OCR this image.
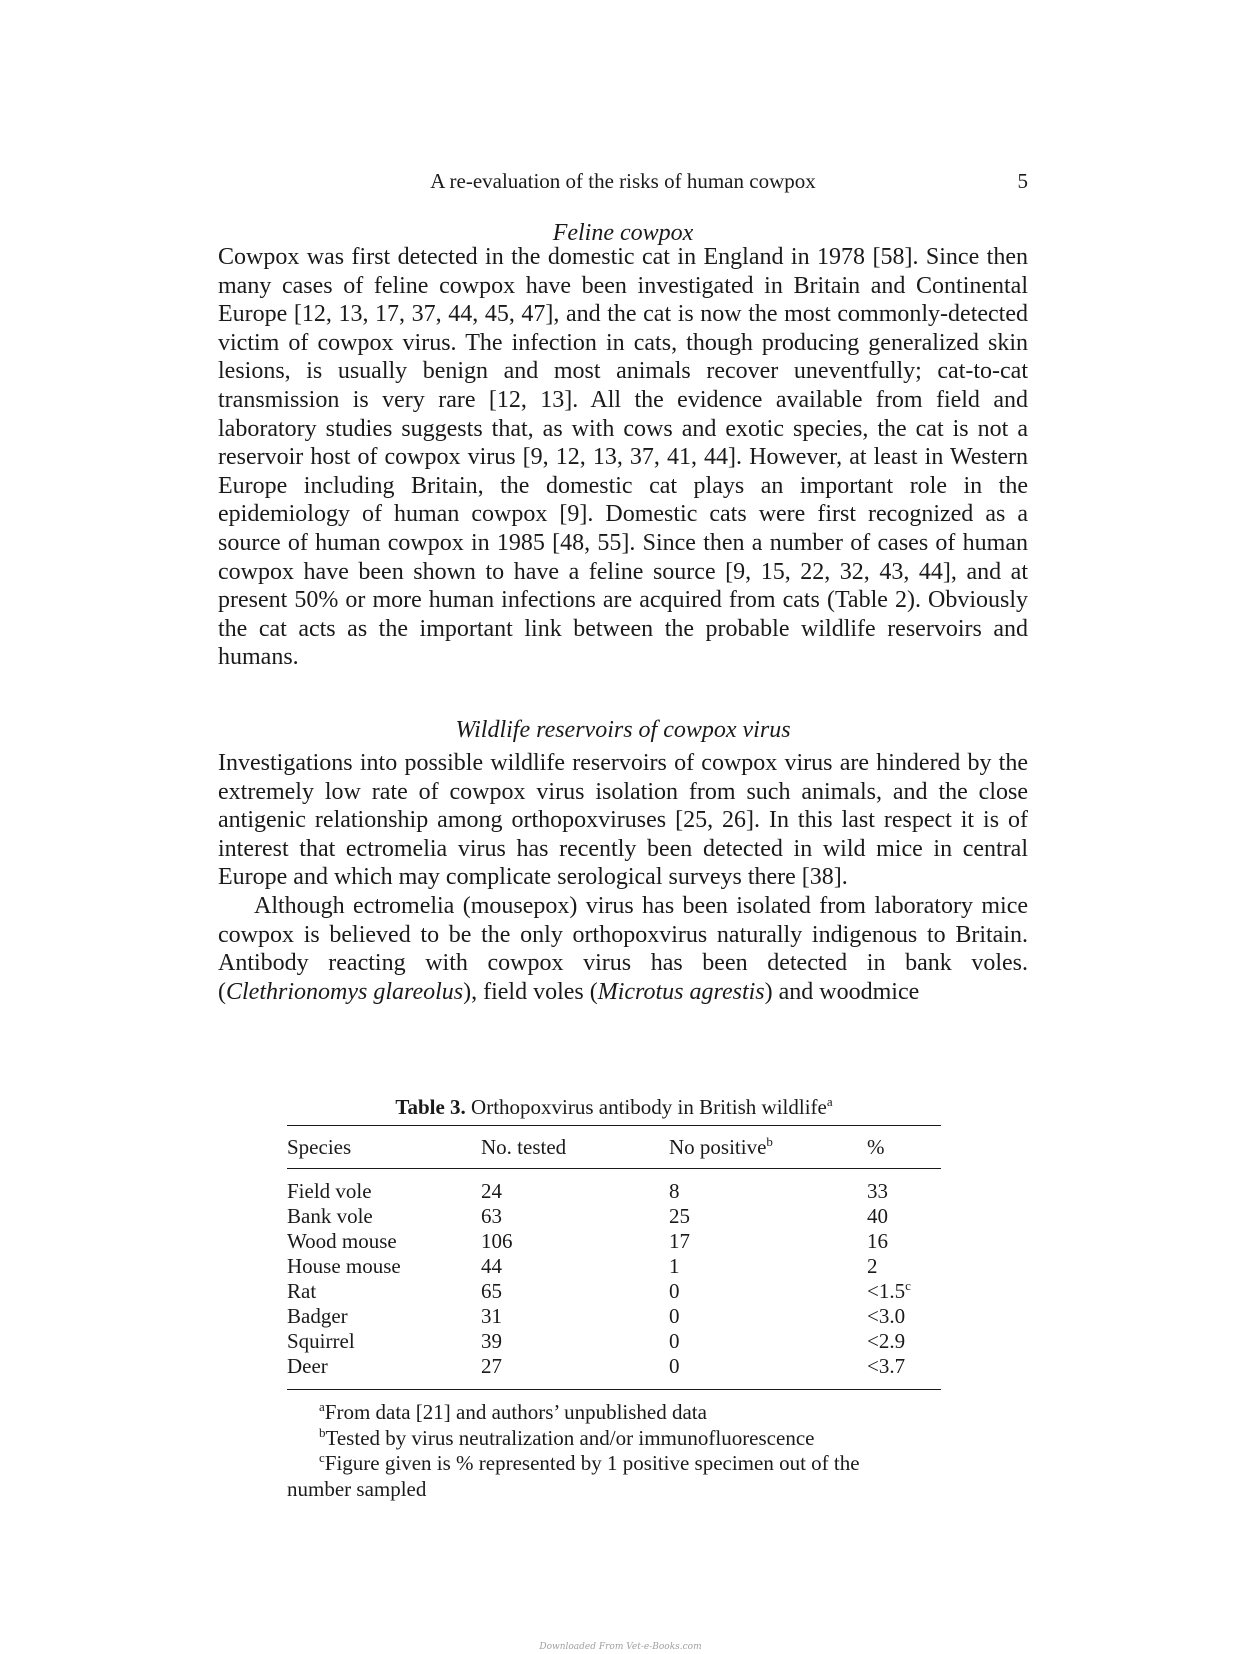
A re-evaluation of the risks of human cowpox	5
Feline cowpox

Cowpox was first detected in the domestic cat in England in 1978 [58]. Since then many cases of feline cowpox have been investigated in Britain and Continental Europe [12, 13, 17, 37, 44, 45, 47], and the cat is now the most commonly-detected victim of cowpox virus. The infection in cats, though producing generalized skin lesions, is usually benign and most animals recover uneventfully; cat-to-cat transmission is very rare [12, 13]. All the evidence available from field and laboratory studies suggests that, as with cows and exotic species, the cat is not a reservoir host of cowpox virus [9, 12, 13, 37, 41, 44]. However, at least in Western Europe including Britain, the domestic cat plays an important role in the epidemiology of human cowpox [9]. Domestic cats were first recognized as a source of human cowpox in 1985 [48, 55]. Since then a number of cases of human cowpox have been shown to have a feline source [9, 15, 22, 32, 43, 44], and at present 50% or more human infections are acquired from cats (Table 2). Obviously the cat acts as the important link between the probable wildlife reservoirs and humans.

Wildlife reservoirs of cowpox virus

Investigations into possible wildlife reservoirs of cowpox virus are hindered by the extremely low rate of cowpox virus isolation from such animals, and the close antigenic relationship among orthopoxviruses [25, 26]. In this last respect it is of interest that ectromelia virus has recently been detected in wild mice in central Europe and which may complicate serological surveys there [38].

Although ectromelia (mousepox) virus has been isolated from laboratory mice cowpox is believed to be the only orthopoxvirus naturally indigenous to Britain. Antibody reacting with cowpox virus has been detected in bank voles. (Clethrionomys glareolus), field voles (Microtus agrestis) and woodmice

Table 3. Orthopoxvirus antibody in British wildlife$^a$
Species	No. tested	No positive$^b$	%
Field vole	24	8	33
Bank vole	63	25	40
Wood mouse	106	17	16
House mouse	44	1	2
Rat	65	0	<1.5$^c$
Badger	31	0	<3.0
Squirrel	39	0	<2.9
Deer	27	0	<3.7
$^a$From data [21] and authors’ unpublished data
$^b$Tested by virus neutralization and/or immunofluorescence
$^c$Figure given is % represented by 1 positive specimen out of the
number sampled
Downloaded From Vet-e-Books.com
